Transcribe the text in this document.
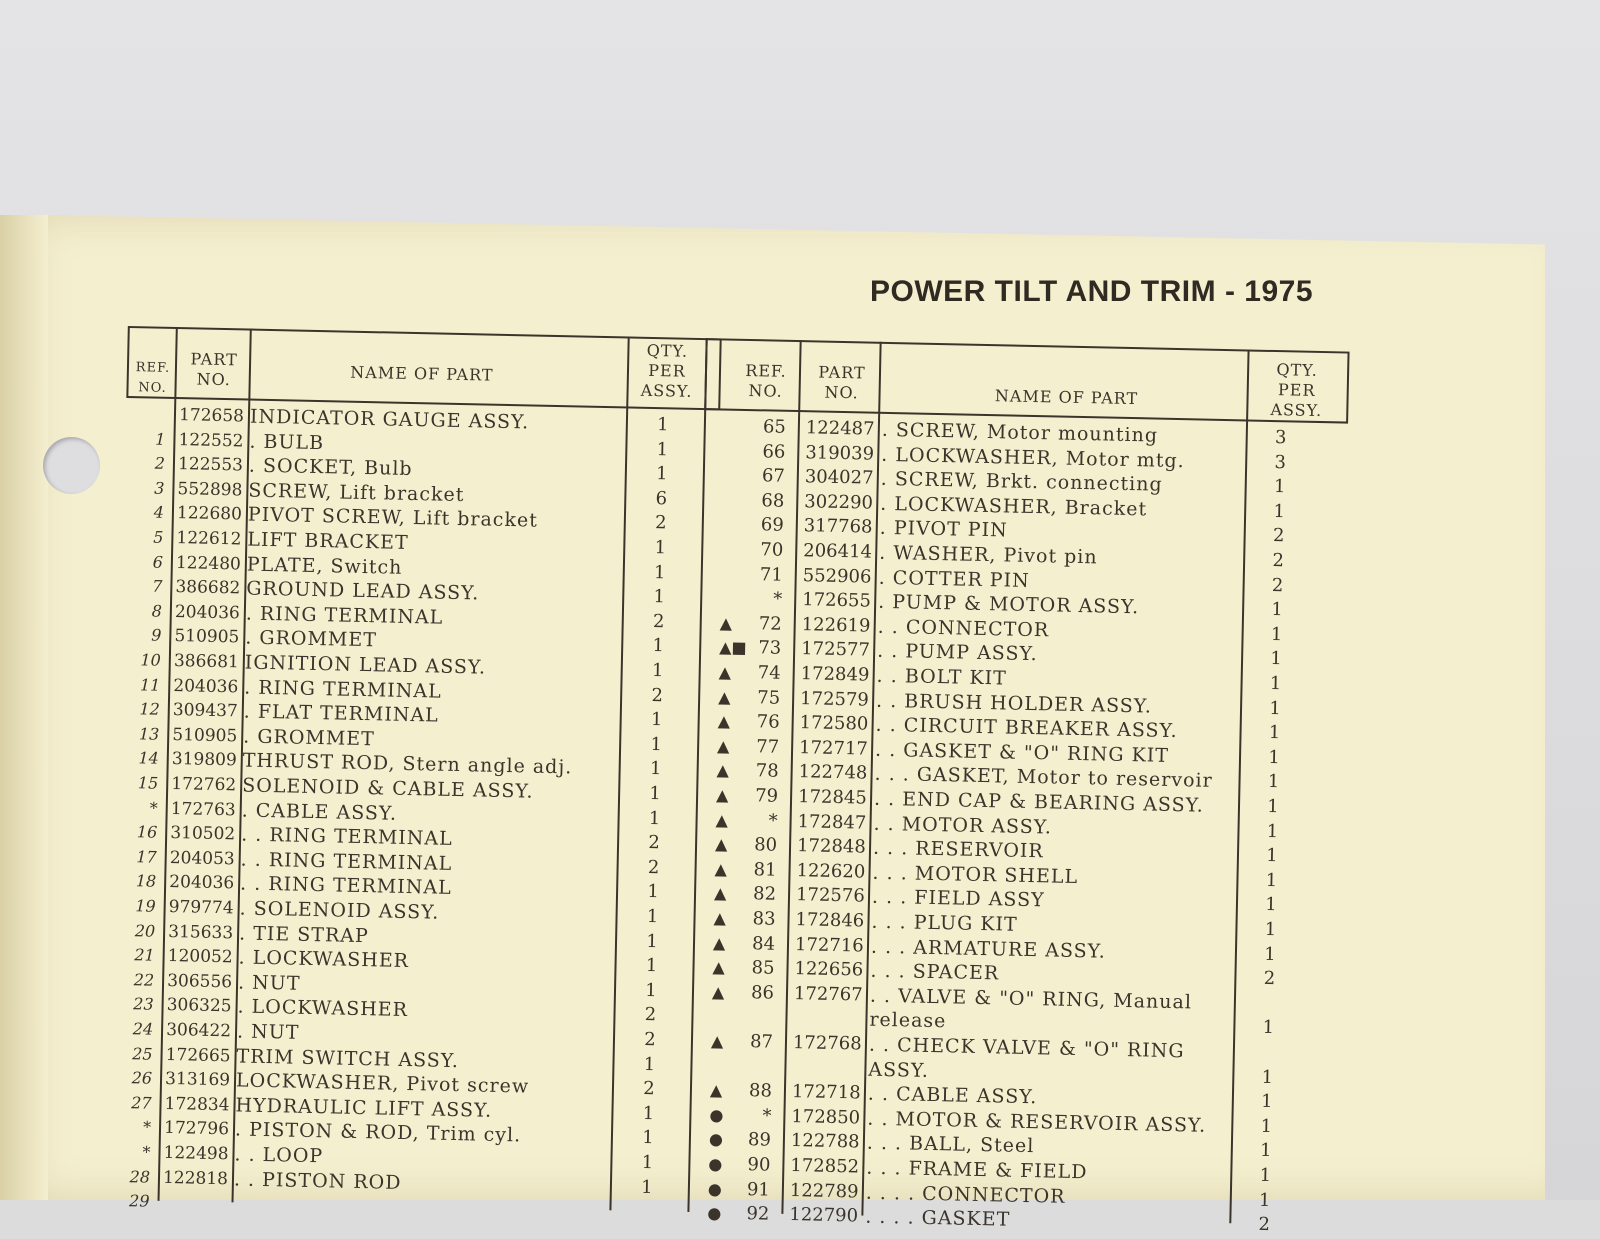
POWER TILT AND TRIM - 1975
REF. NO.
PART NO.	NAME OF PART
QTY. PER ASSY.
REF. NO.
PART NO.	NAME OF PART
QTY. PER ASSY.
172658 INDICATOR GAUGE ASSY.	1
1 122552 . BULB	1
2 122553 . SOCKET, Bulb	1
3 552898 SCREW, Lift bracket	6
4 122680 PIVOT SCREW, Lift bracket	2
5 122612 LIFT BRACKET	1
6 122480 PLATE, Switch	1
7 386682 GROUND LEAD ASSY.	1
8 204036 . RING TERMINAL	2
9 510905 . GROMMET	1
10 386681 IGNITION LEAD ASSY.	1
11 204036 . RING TERMINAL	2
12 309437 . FLAT TERMINAL	1
13 510905 . GROMMET	1
14 319809 THRUST ROD, Stern angle adj.	1
15 172762 SOLENOID & CABLE ASSY.	1
* 172763 . CABLE ASSY.	1
16 310502 . . RING TERMINAL	2
17 204053 . . RING TERMINAL	2
18 204036 . . RING TERMINAL	1
19 979774 . SOLENOID ASSY.	1
20 315633 . TIE STRAP	1
21 120052 . LOCKWASHER	1
22 306556 . NUT	1
23 306325 . LOCKWASHER	2
24 306422 . NUT	2
25 172665 TRIM SWITCH ASSY.	1
26 313169 LOCKWASHER, Pivot screw	2
27 172834 HYDRAULIC LIFT ASSY.	1
* 172796 . PISTON & ROD, Trim cyl.	1
* 122498 . . LOOP	1
28 122818 . . PISTON ROD	1
29
65 122487 . SCREW, Motor mounting	3
66 319039 . LOCKWASHER, Motor mtg.	3
67 304027 . SCREW, Brkt. connecting	1
68 302290 . LOCKWASHER, Bracket	1
69 317768 . PIVOT PIN	2
70 206414 . WASHER, Pivot pin	2
71 552906 . COTTER PIN	2
* 172655 . PUMP & MOTOR ASSY.	1
▲	72 122619 . . CONNECTOR	1
▲■ 73 172577 . . PUMP ASSY.	1
▲	74 172849 . . BOLT KIT	1
▲	75 172579 . . BRUSH HOLDER ASSY.	1
▲	76 172580 . . CIRCUIT BREAKER ASSY.	1
▲	77 172717 . . GASKET & "O" RING KIT	1
▲	78 122748 . . . GASKET, Motor to reservoir	1
▲	79 172845 . . END CAP & BEARING ASSY.	1
▲	* 172847 . . MOTOR ASSY.	1
▲	80 172848 . . . RESERVOIR	1
▲	81 122620 . . . MOTOR SHELL	1
▲	82 172576 . . . FIELD ASSY	1
▲	83 172846 . . . PLUG KIT	1
▲	84 172716 . . . ARMATURE ASSY.	1
▲	85 122656 . . . SPACER	2
▲	86 172767 . . VALVE & "O" RING, Manual
release	1
▲	87 172768 . . CHECK VALVE & "O" RING
ASSY.	1
▲	88 172718 . . CABLE ASSY.	1
●	* 172850 . . MOTOR & RESERVOIR ASSY.	1
●	89 122788 . . . BALL, Steel	1
●	90 172852 . . . FRAME & FIELD	1
●	91 122789 . . . . CONNECTOR	1
●	92 122790 . . . . GASKET	2
